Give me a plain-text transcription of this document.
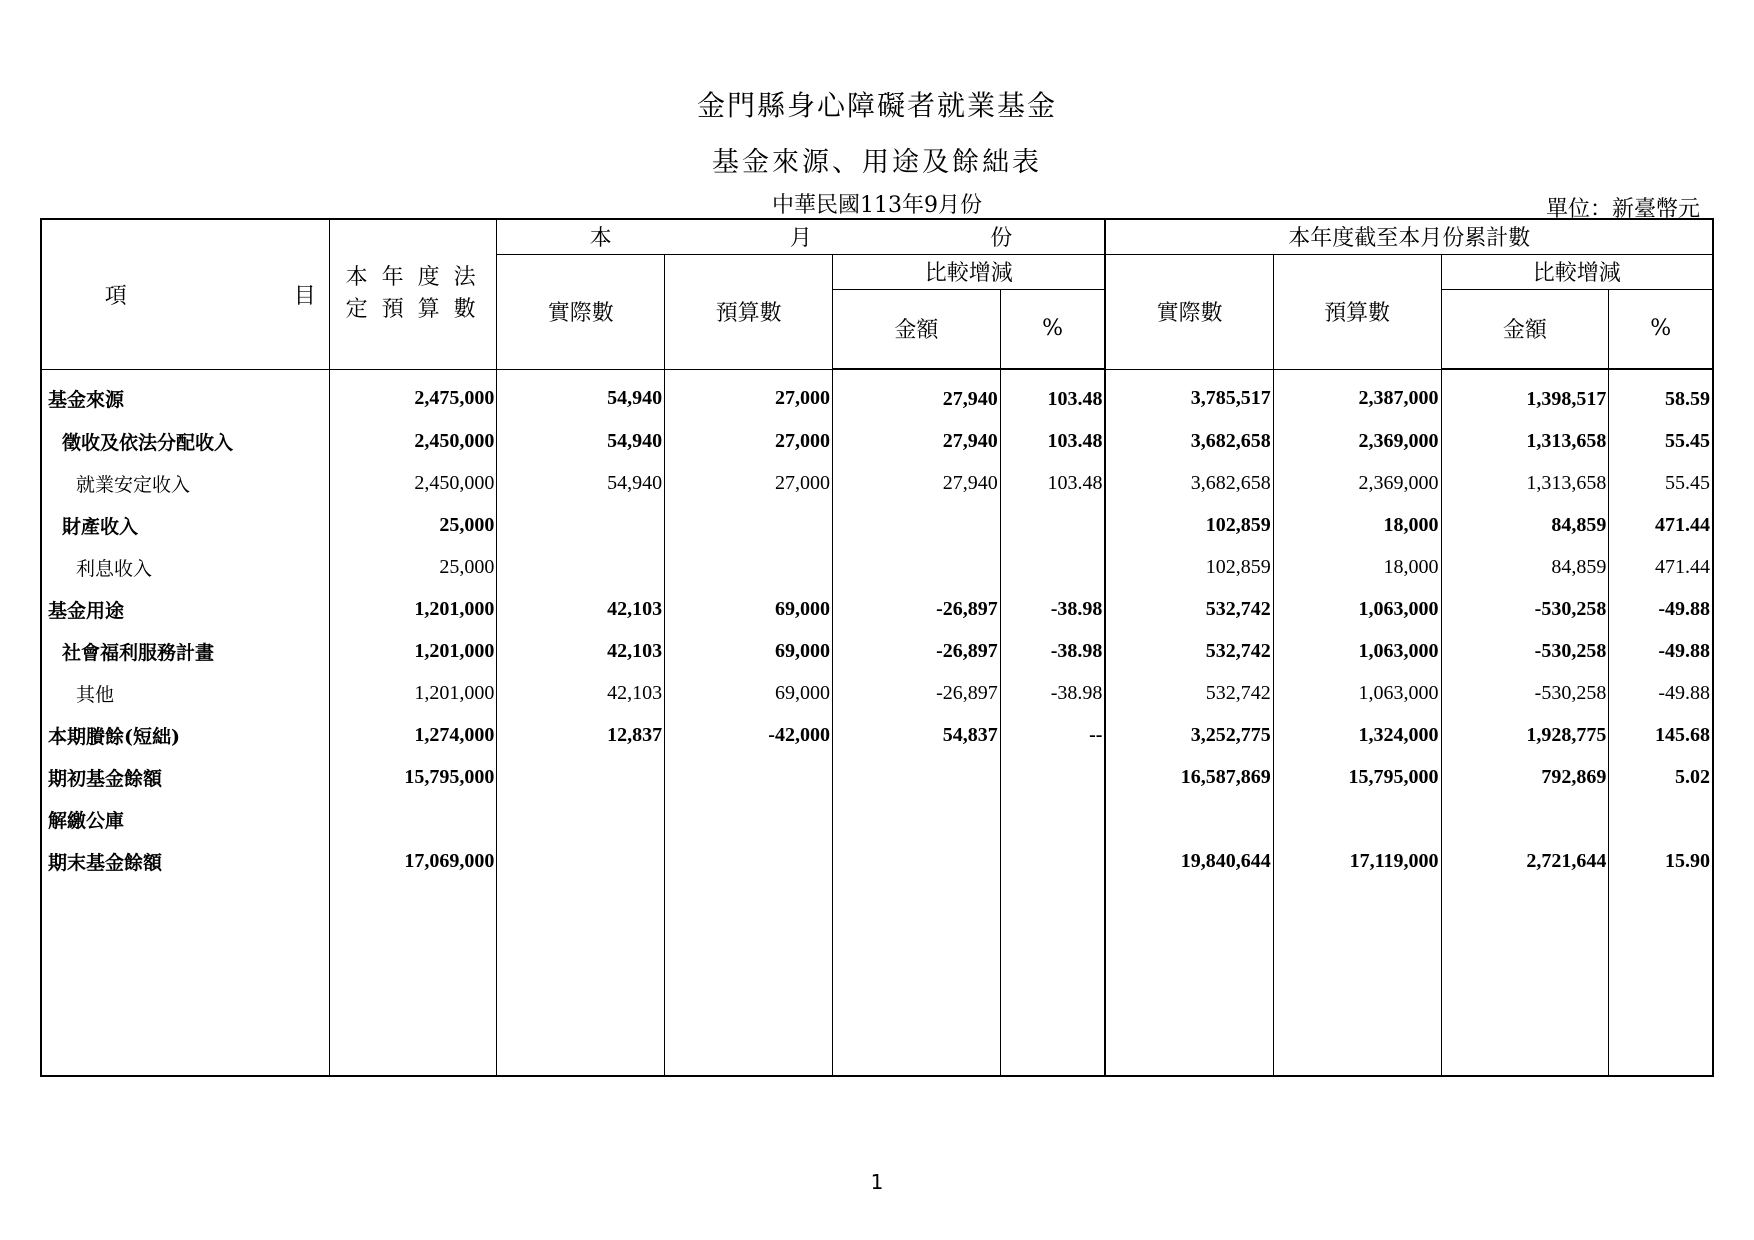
金門縣身心障礙者就業基金
基金來源、用途及餘絀表
中華民國113年9月份	單位：新臺幣元
項 目	本年度法
定預算數	本 月 份				本年度截至本月份累計數			
		實際數	預算數	比較增減		實際數	預算數	比較增減	
				金額	%			金額	%
基金來源	2,475,000	54,940	27,000	27,940	103.48	3,785,517	2,387,000	1,398,517	58.59
徵收及依法分配收入	2,450,000	54,940	27,000	27,940	103.48	3,682,658	2,369,000	1,313,658	55.45
就業安定收入	2,450,000	54,940	27,000	27,940	103.48	3,682,658	2,369,000	1,313,658	55.45
財產收入	25,000					102,859	18,000	84,859	471.44
利息收入	25,000					102,859	18,000	84,859	471.44
基金用途	1,201,000	42,103	69,000	-26,897	-38.98	532,742	1,063,000	-530,258	-49.88
社會福利服務計畫	1,201,000	42,103	69,000	-26,897	-38.98	532,742	1,063,000	-530,258	-49.88
其他	1,201,000	42,103	69,000	-26,897	-38.98	532,742	1,063,000	-530,258	-49.88
本期賸餘(短絀)	1,274,000	12,837	-42,000	54,837	--	3,252,775	1,324,000	1,928,775	145.68
期初基金餘額	15,795,000					16,587,869	15,795,000	792,869	5.02
解繳公庫									
期末基金餘額	17,069,000					19,840,644	17,119,000	2,721,644	15.90

1
